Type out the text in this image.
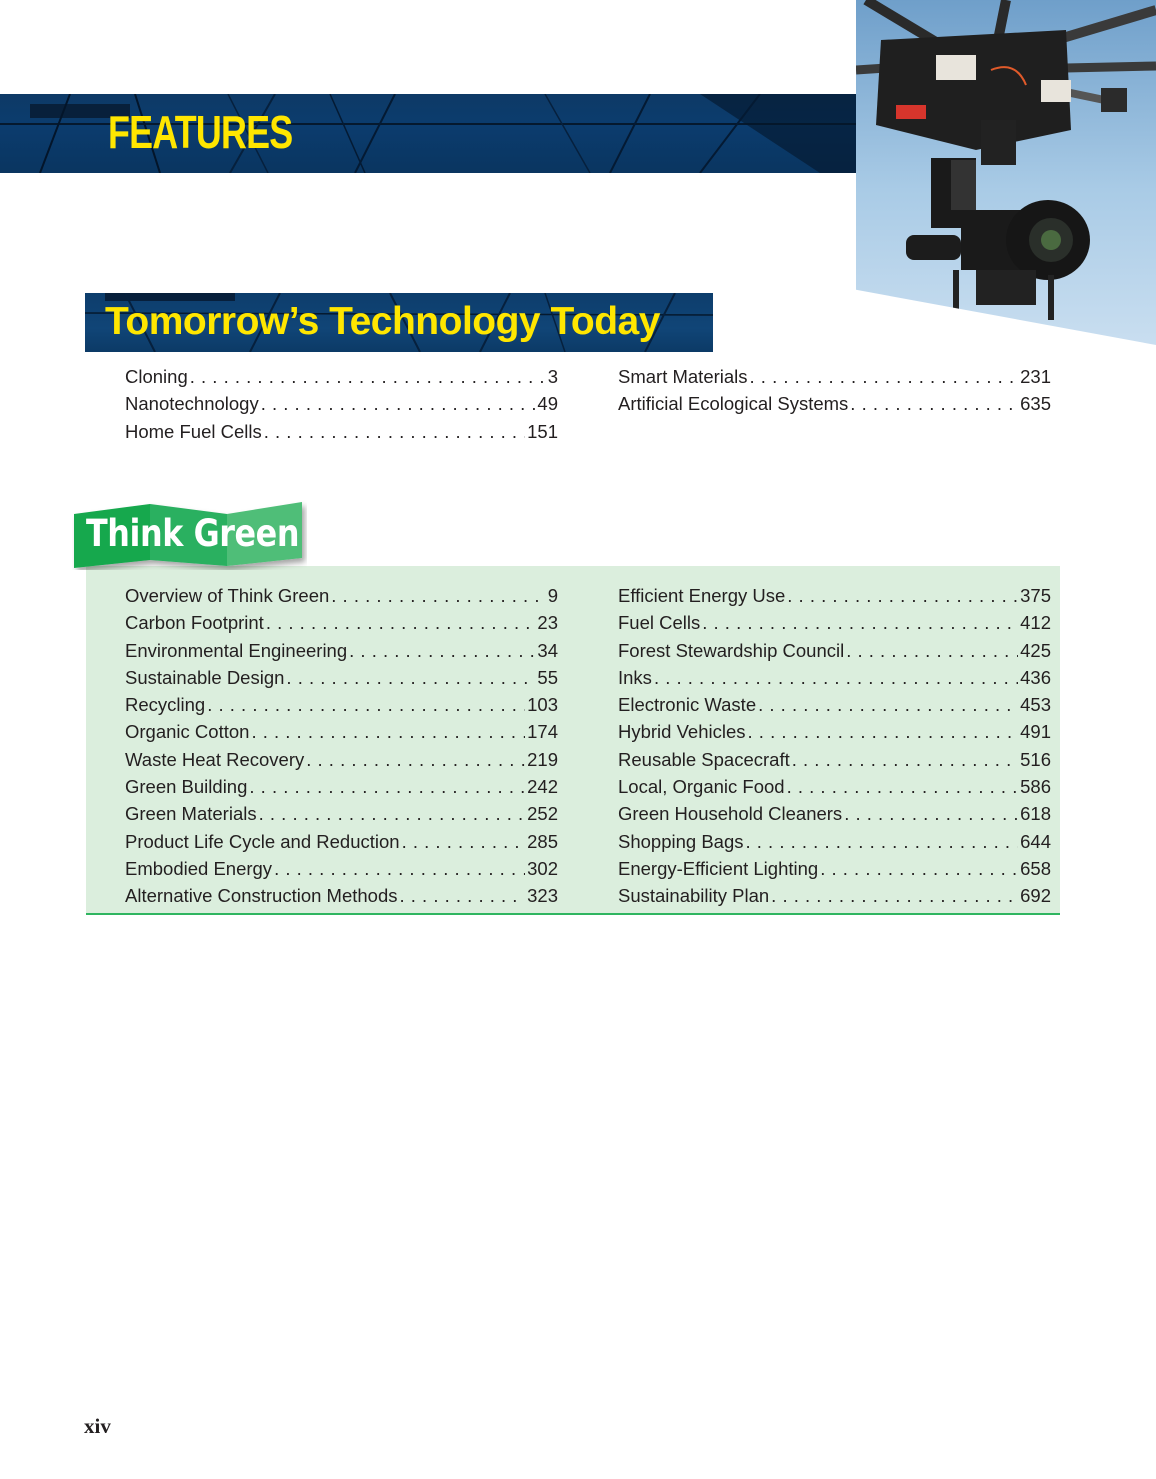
FEATURES
Tomorrow’s Technology Today
Cloning . . .	3
Nanotechnology . . .	49
Home Fuel Cells . . .	151
Smart Materials . . .	231
Artificial Ecological Systems . . .	635
Think Green
Overview of Think Green . . .	9
Carbon Footprint . . .	23
Environmental Engineering . . .	34
Sustainable Design . . .	55
Recycling . . .	103
Organic Cotton . . .	174
Waste Heat Recovery . . .	219
Green Building . . .	242
Green Materials . . .	252
Product Life Cycle and Reduction . . .	285
Embodied Energy . . .	302
Alternative Construction Methods . . .	323
Efficient Energy Use . . .	375
Fuel Cells . . .	412
Forest Stewardship Council . . .	425
Inks . . .	436
Electronic Waste . . .	453
Hybrid Vehicles . . .	491
Reusable Spacecraft . . .	516
Local, Organic Food . . .	586
Green Household Cleaners . . .	618
Shopping Bags . . .	644
Energy-Efficient Lighting . . .	658
Sustainability Plan . . .	692
xiv
